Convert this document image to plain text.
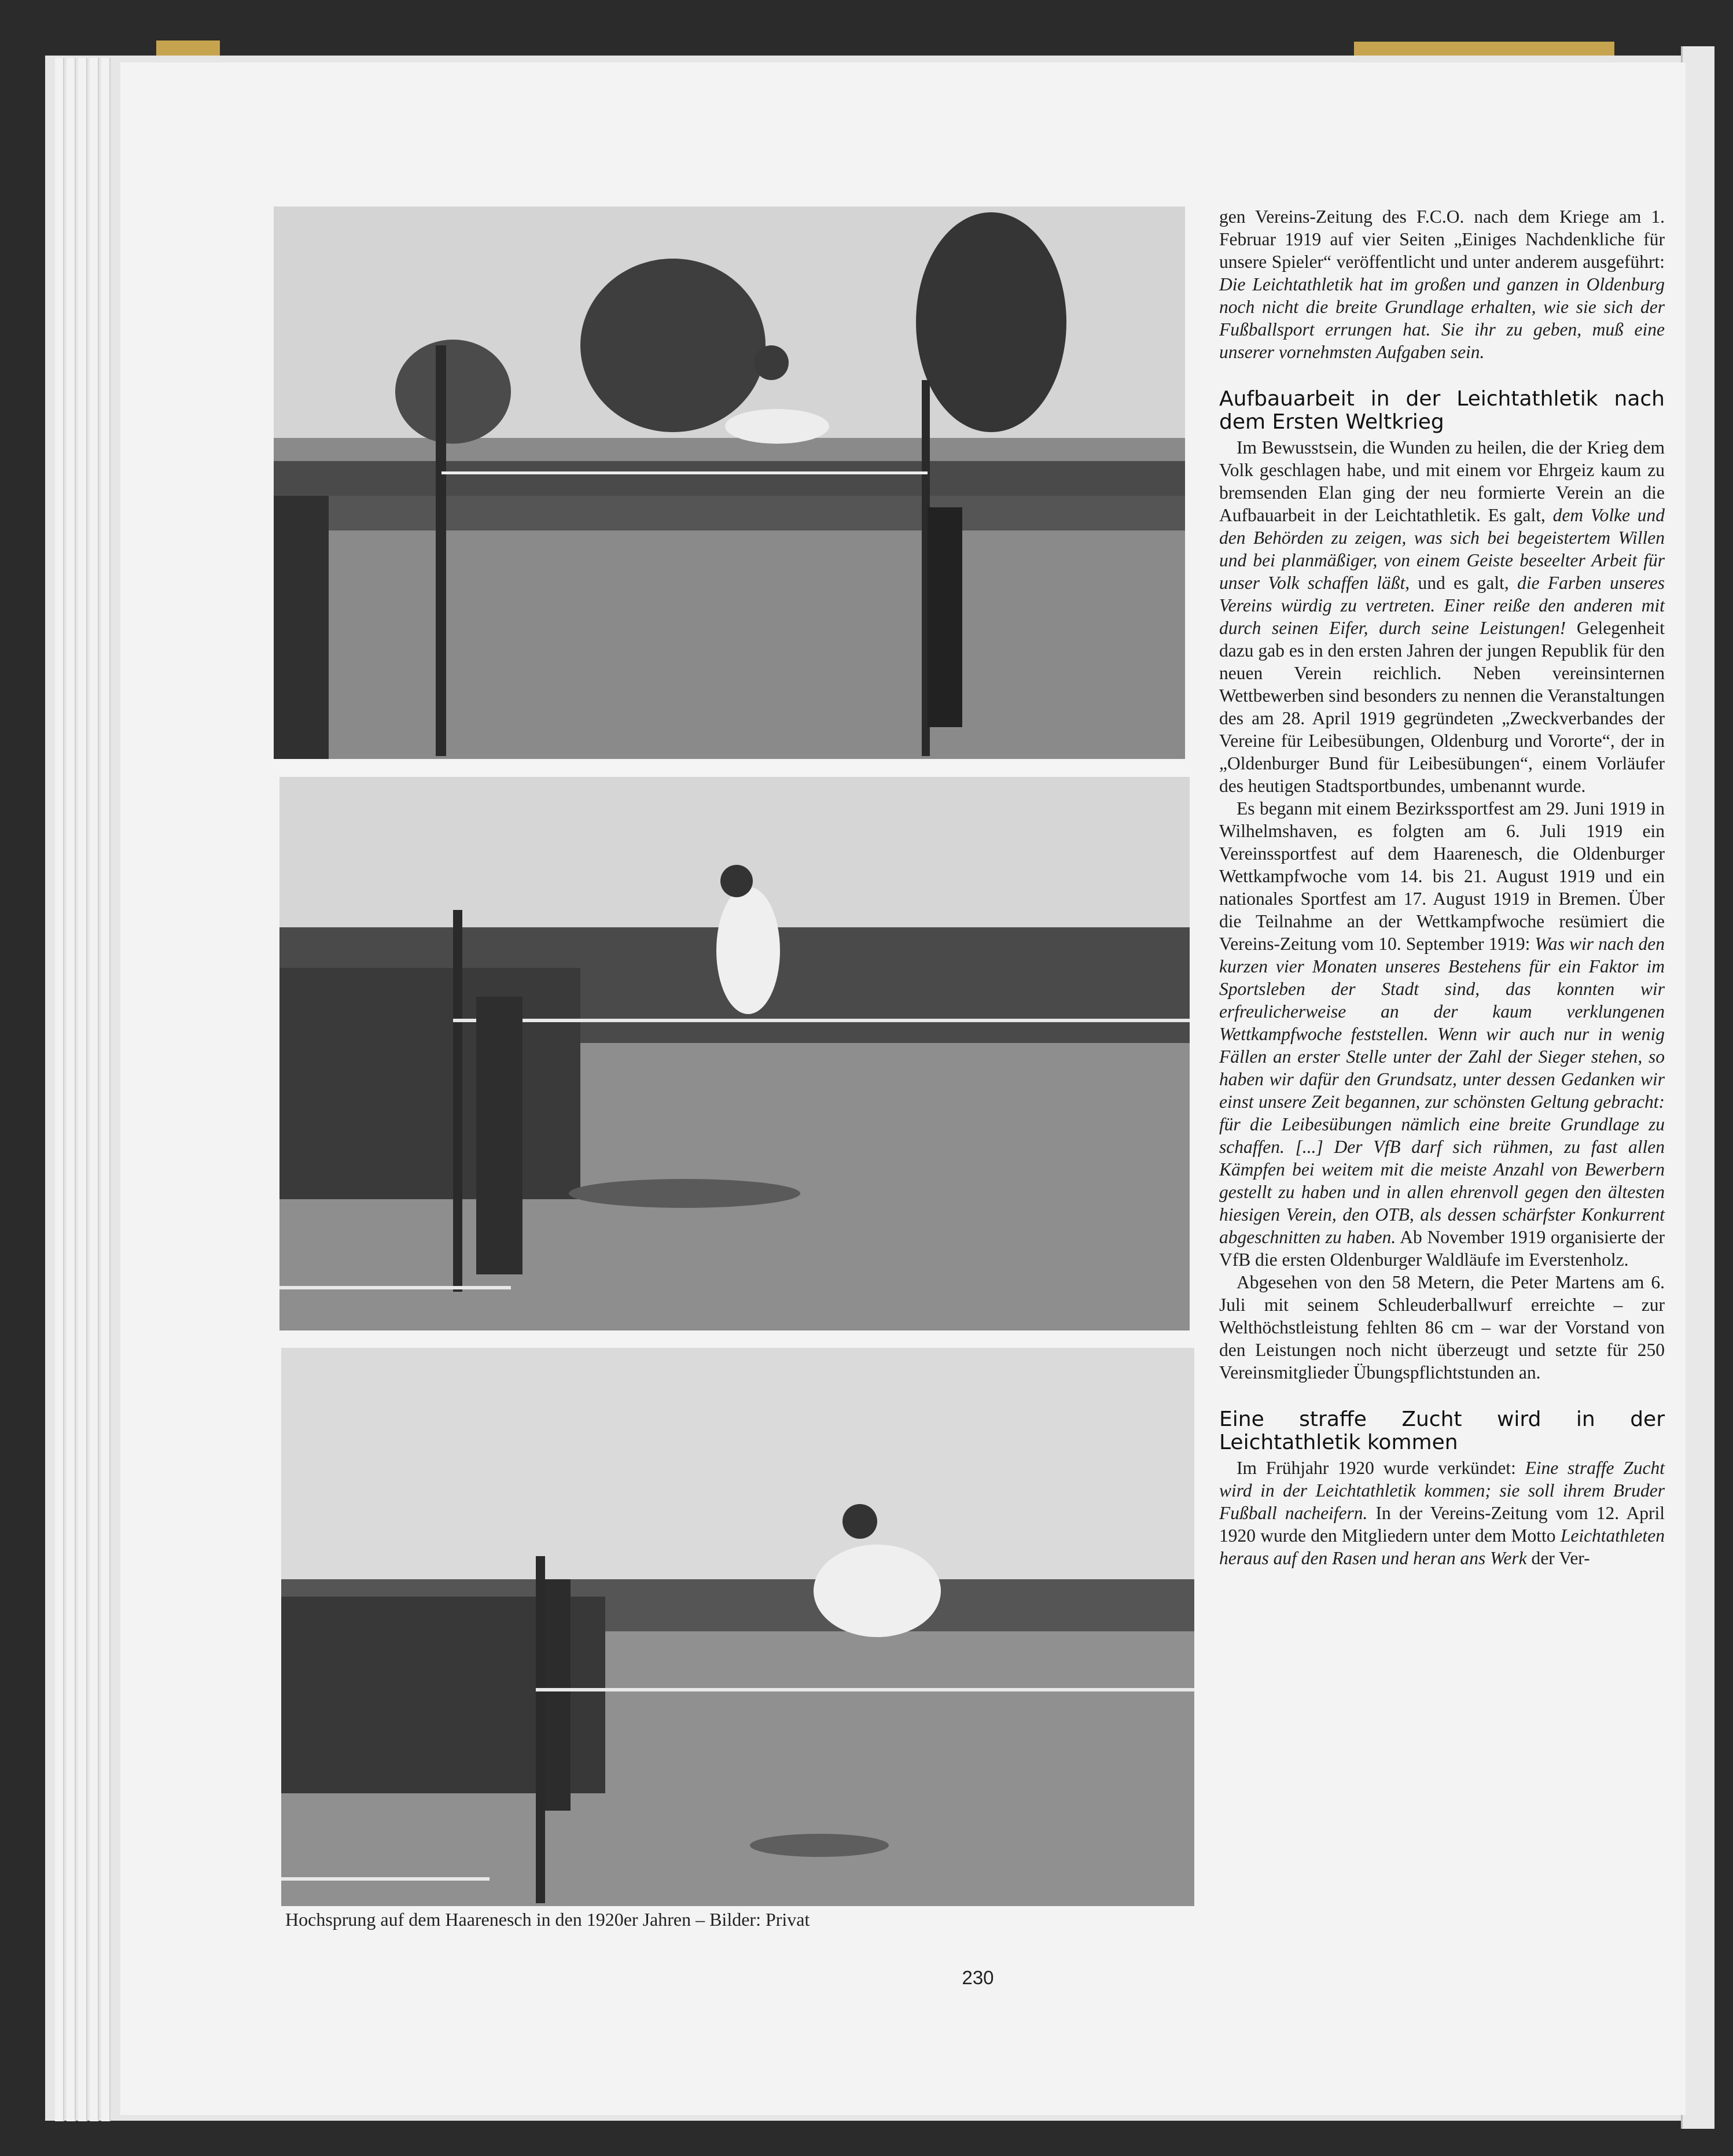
Hochsprung auf dem Haarenesch in den 1920er Jahren – Bilder: Privat

gen Vereins-Zeitung des F.C.O. nach dem Kriege am 1. Februar 1919 auf vier Seiten „Einiges Nachdenkliche für unsere Spieler“ veröffentlicht und unter anderem ausgeführt: Die Leichtathletik hat im großen und ganzen in Oldenburg noch nicht die breite Grundlage erhalten, wie sie sich der Fußballsport errungen hat. Sie ihr zu geben, muß eine unserer vornehmsten Aufgaben sein.

Aufbauarbeit in der Leichtathletik nach dem Ersten Weltkrieg

Im Bewusstsein, die Wunden zu heilen, die der Krieg dem Volk geschlagen habe, und mit einem vor Ehrgeiz kaum zu bremsenden Elan ging der neu formierte Verein an die Aufbauarbeit in der Leichtathletik. Es galt, dem Volke und den Behörden zu zeigen, was sich bei begeistertem Willen und bei planmäßiger, von einem Geiste beseelter Arbeit für unser Volk schaffen läßt, und es galt, die Farben unseres Vereins würdig zu vertreten. Einer reiße den anderen mit durch seinen Eifer, durch seine Leistungen! Gelegenheit dazu gab es in den ersten Jahren der jungen Republik für den neuen Verein reichlich. Neben vereinsinternen Wettbewerben sind besonders zu nennen die Veranstaltungen des am 28. April 1919 gegründeten „Zweckverbandes der Vereine für Leibesübungen, Oldenburg und Vororte“, der in „Oldenburger Bund für Leibesübungen“, einem Vorläufer des heutigen Stadtsportbundes, umbenannt wurde.

Es begann mit einem Bezirkssportfest am 29. Juni 1919 in Wilhelmshaven, es folgten am 6. Juli 1919 ein Vereinssportfest auf dem Haarenesch, die Oldenburger Wettkampfwoche vom 14. bis 21. August 1919 und ein nationales Sportfest am 17. August 1919 in Bremen. Über die Teilnahme an der Wettkampfwoche resümiert die Vereins-Zeitung vom 10. September 1919: Was wir nach den kurzen vier Monaten unseres Bestehens für ein Faktor im Sportsleben der Stadt sind, das konnten wir erfreulicherweise an der kaum verklungenen Wettkampfwoche feststellen. Wenn wir auch nur in wenig Fällen an erster Stelle unter der Zahl der Sieger stehen, so haben wir dafür den Grundsatz, unter dessen Gedanken wir einst unsere Zeit begannen, zur schönsten Geltung gebracht: für die Leibesübungen nämlich eine breite Grundlage zu schaffen. [...] Der VfB darf sich rühmen, zu fast allen Kämpfen bei weitem mit die meiste Anzahl von Bewerbern gestellt zu haben und in allen ehrenvoll gegen den ältesten hiesigen Verein, den OTB, als dessen schärfster Konkurrent abgeschnitten zu haben. Ab November 1919 organisierte der VfB die ersten Oldenburger Waldläufe im Everstenholz.

Abgesehen von den 58 Metern, die Peter Martens am 6. Juli mit seinem Schleuderballwurf erreichte – zur Welthöchstleistung fehlten 86 cm – war der Vorstand von den Leistungen noch nicht überzeugt und setzte für 250 Vereinsmitglieder Übungspflichtstunden an.

Eine straffe Zucht wird in der Leichtathletik kommen

Im Frühjahr 1920 wurde verkündet: Eine straffe Zucht wird in der Leichtathletik kommen; sie soll ihrem Bruder Fußball nacheifern. In der Vereins-Zeitung vom 12. April 1920 wurde den Mitgliedern unter dem Motto Leichtathleten heraus auf den Rasen und heran ans Werk der Ver-

230
